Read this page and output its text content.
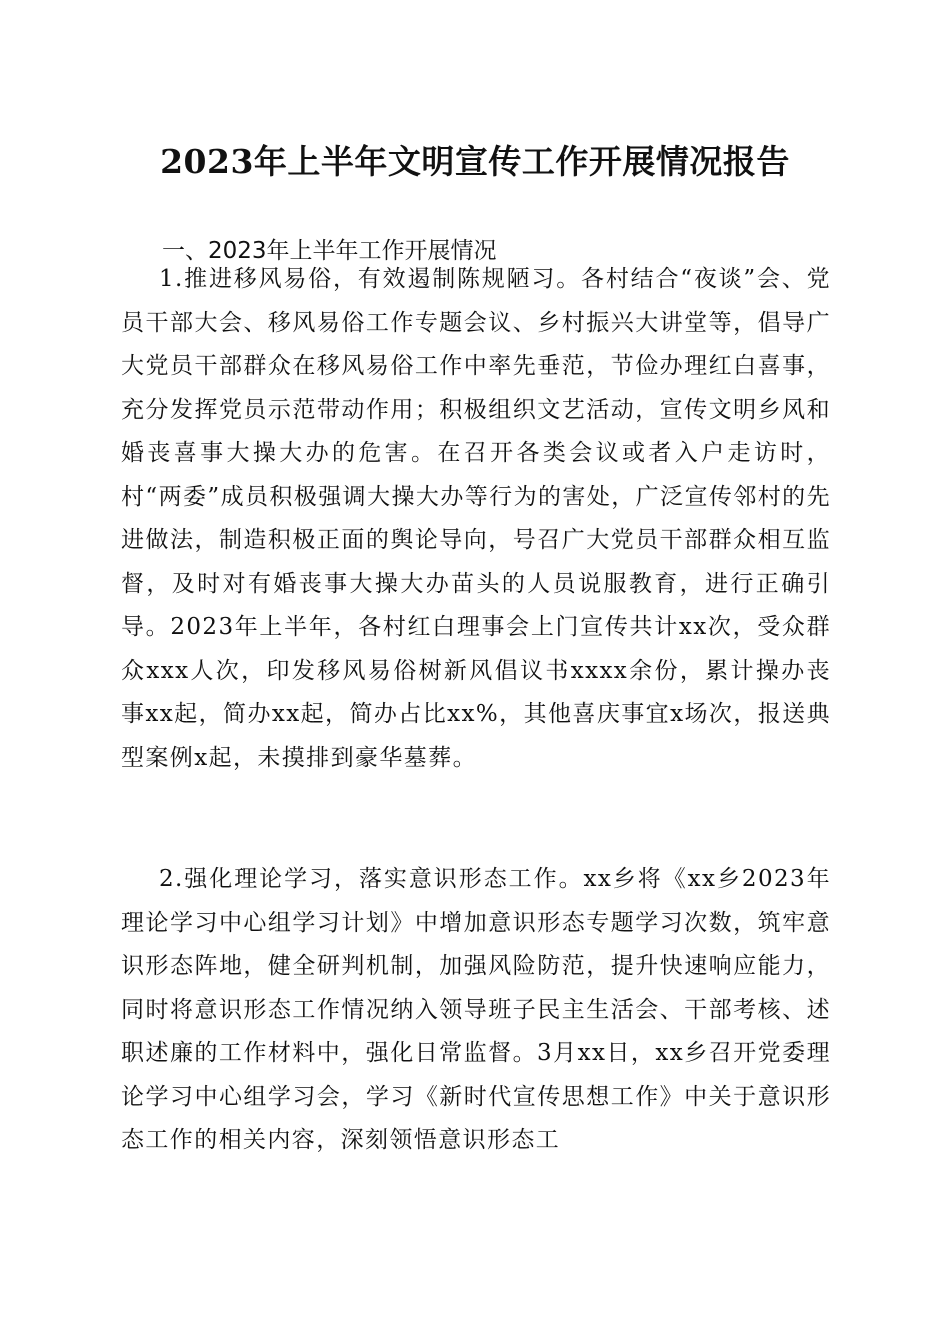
2023年上半年文明宣传工作开展情况报告
一、2023年上半年工作开展情况

1.推进移风易俗，有效遏制陈规陋习。各村结合“夜谈”会、党员干部大会、移风易俗工作专题会议、乡村振兴大讲堂等，倡导广大党员干部群众在移风易俗工作中率先垂范，节俭办理红白喜事，充分发挥党员示范带动作用；积极组织文艺活动，宣传文明乡风和婚丧喜事大操大办的危害。在召开各类会议或者入户走访时，村“两委”成员积极强调大操大办等行为的害处，广泛宣传邻村的先进做法，制造积极正面的舆论导向，号召广大党员干部群众相互监督，及时对有婚丧事大操大办苗头的人员说服教育，进行正确引导。2023年上半年，各村红白理事会上门宣传共计xx次，受众群众xxx人次，印发移风易俗树新风倡议书xxxx余份，累计操办丧事xx起，简办xx起，简办占比xx%，其他喜庆事宜x场次，报送典型案例x起，未摸排到豪华墓葬。

2.强化理论学习，落实意识形态工作。xx乡将《xx乡2023年理论学习中心组学习计划》中增加意识形态专题学习次数，筑牢意识形态阵地，健全研判机制，加强风险防范，提升快速响应能力，同时将意识形态工作情况纳入领导班子民主生活会、干部考核、述职述廉的工作材料中，强化日常监督。3月xx日，xx乡召开党委理论学习中心组学习会，学习《新时代宣传思想工作》中关于意识形态工作的相关内容，深刻领悟意识形态工
